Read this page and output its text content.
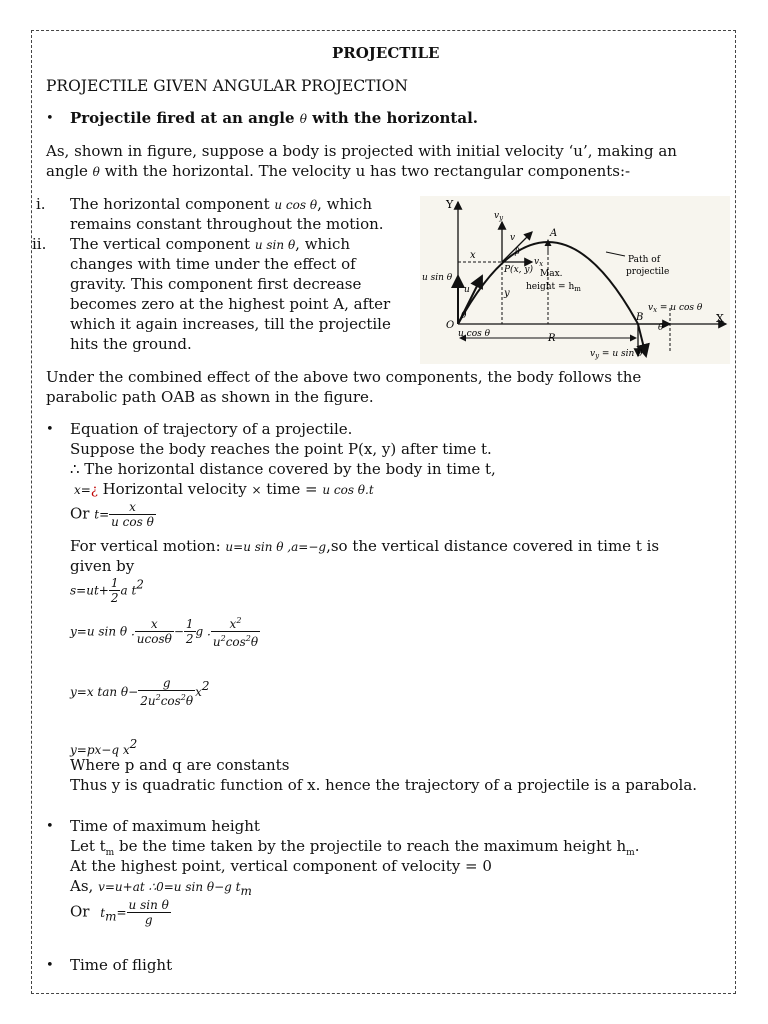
PROJECTILE
PROJECTILE GIVEN ANGULAR PROJECTION
• Projectile fired at an angle θ with the horizontal.
As, shown in figure, suppose a body is projected with initial velocity ‘u’, making an
angle θ with the horizontal. The velocity u has two rectangular components:-
i. The horizontal component u cos θ, which
remains constant throughout the motion.
ii. The vertical component u sin θ, which
changes with time under the effect of
gravity. This component first decrease
becomes zero at the highest point A, after
which it again increases, till the projectile
hits the ground.
Y
X
O
A
B
P(x, y)
x
y
θ
u
v
$v_y$
$v_x$
β
u sin θ
u cos θ
Max.
height = $h_m$
Path of
projectile
$v_x = u$ cos θ
$v_y = u$ sin θ
R
θ
Under the combined effect of the above two components, the body follows the
parabolic path OAB as shown in the figure.
• Equation of trajectory of a projectile.
Suppose the body reaches the point P(x, y) after time t.
∴ The horizontal distance covered by the body in time t,
x=¿ Horizontal velocity × time = u cos θ.t
Or $t= \frac{x}{\text{u cos θ}}$
For vertical motion: u=u sin θ ,a=−g,so the vertical distance covered in time t is
given by
$s=ut+ \frac{1}{2}$ a $t^2$
y=u sin θ . $\frac{x}{ucos\theta} - \frac{1}{2}$ g . $\frac{x^2}{u^2\cos^2\theta}$
y=x $\tan \theta- \frac{g}{2u^2\cos^2\theta} x^2$
y=px−q $x^2$
Where p and q are constants
Thus y is quadratic function of x. hence the trajectory of a projectile is a parabola.
• Time of maximum height
Let $t_m$ be the time taken by the projectile to reach the maximum height $h_m$.
At the highest point, vertical component of velocity = 0
As, v=u+at ∴0=u sin θ−g $t_m$
Or $t_m= \frac{\text{u sin θ}}{g}$
• Time of flight
